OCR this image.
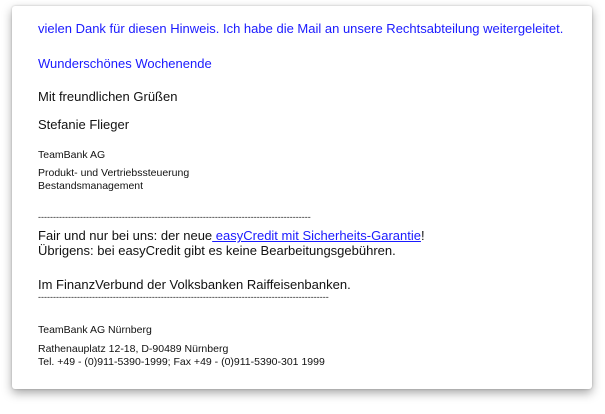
vielen Dank für diesen Hinweis. Ich habe die Mail an unsere Rechtsabteilung weitergeleitet.
Wunderschönes Wochenende
Mit freundlichen Grüßen
Stefanie Flieger
TeamBank AG
Produkt- und Vertriebssteuerung
Bestandsmanagement
-------------------------------------------------------------------------------------------
Fair und nur bei uns: der neue easyCredit mit Sicherheits-Garantie!
Übrigens: bei easyCredit gibt es keine Bearbeitungsgebühren.
Im FinanzVerbund der Volksbanken Raiffeisenbanken.
-------------------------------------------------------------------------------------------------
TeamBank AG Nürnberg
Rathenauplatz 12-18, D-90489 Nürnberg
Tel. +49 - (0)911-5390-1999; Fax +49 - (0)911-5390-301 1999
